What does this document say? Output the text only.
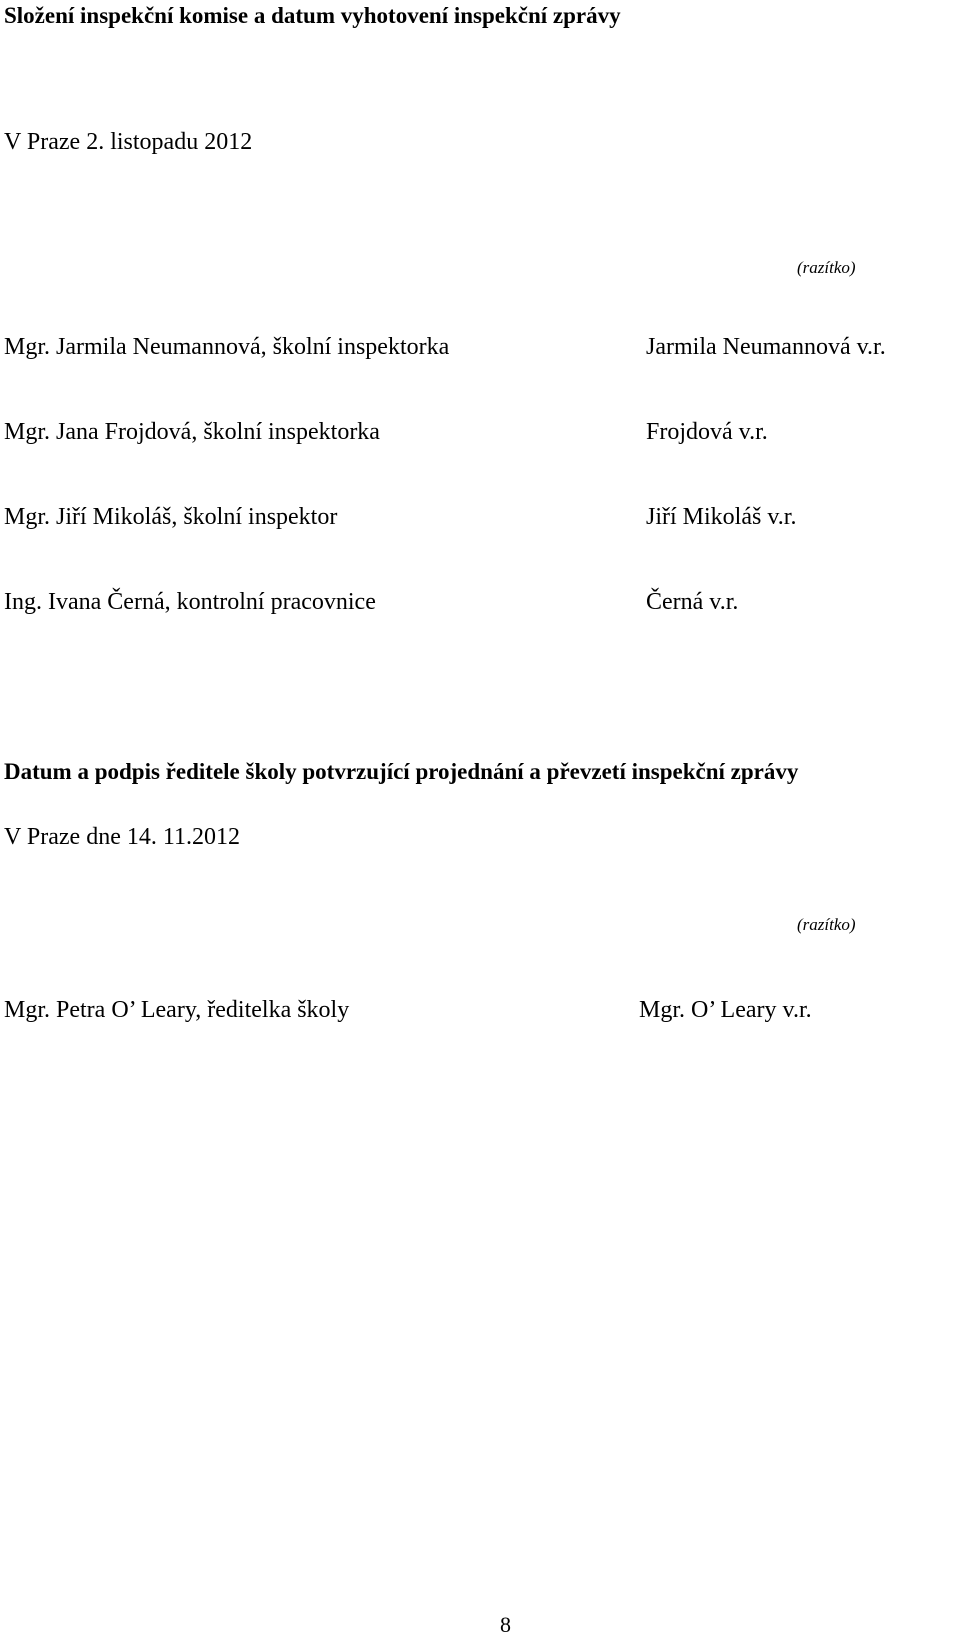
Složení inspekční komise a datum vyhotovení inspekční zprávy
V Praze 2. listopadu 2012
(razítko)
Mgr. Jarmila Neumannová, školní inspektorka	Jarmila Neumannová v.r.
Mgr. Jana Frojdová, školní inspektorka	Frojdová v.r.
Mgr. Jiří Mikoláš, školní inspektor	Jiří Mikoláš v.r.
Ing. Ivana Černá, kontrolní pracovnice	Černá v.r.
Datum a podpis ředitele školy potvrzující projednání a převzetí inspekční zprávy
V Praze dne 14. 11.2012
(razítko)
Mgr. Petra O’ Leary, ředitelka školy	Mgr. O’ Leary v.r.
8
